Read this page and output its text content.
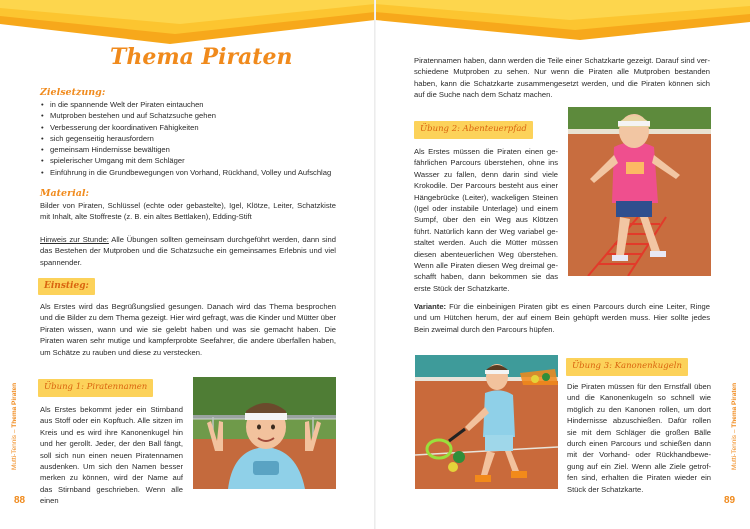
Thema Piraten
Zielsetzung:
• in die spannende Welt der Piraten eintauchen
• Mutproben bestehen und auf Schatzsuche gehen
• Verbesserung der koordinativen Fähigkeiten
• sich gegenseitig herausfordern
• gemeinsam Hindernisse bewältigen
• spielerischer Umgang mit dem Schläger
• Einführung in die Grundbewegungen von Vorhand, Rückhand, Volley und Aufschlag
Material:

Bilder von Piraten, Schlüssel (echte oder gebastelte), Igel, Klötze, Leiter, Schatzkiste mit Inhalt, alte Stoffreste (z. B. ein altes Bettlaken), Edding-Stift

Hinweis zur Stunde: Alle Übungen sollten gemeinsam durchgeführt werden, dann sind das Bestehen der Mutproben und die Schatzsuche ein gemeinsames Erlebnis und viel spannender.

Einstieg:

Als Erstes wird das Begrüßungslied gesungen. Danach wird das Thema besprochen und die Bilder zu dem Thema gezeigt. Hier wird gefragt, was die Kinder und Mütter über Piraten wissen, wann und wie sie gelebt haben und was sie gemacht haben. Die Piraten waren sehr mutige und kampferprobte Seefahrer, die andere überfallen haben, um Schätze zu rauben und diese zu verstecken.

Übung 1: Piratennamen

Als Erstes bekommt jeder ein Stirnband aus Stoff oder ein Kopftuch. Alle sitzen im Kreis und es wird ihre Kanonenkugel hin und her gerollt. Jeder, der den Ball fängt, soll sich nun einen neuen Piratennamen ausdenken. Um sich den Namen besser merken zu können, wird der Name auf das Stirnband geschrieben. Wenn alle einen

Mutti-Tennis – Thema Piraten
88

Piratennamen haben, dann werden die Teile einer Schatzkarte gezeigt. Darauf sind ver-schiedene Mutproben zu sehen. Nur wenn die Piraten alle Mutproben bestanden haben, kann die Schatzkarte zusammengesetzt werden, und die Piraten können sich auf die Suche nach dem Schatz machen.

Übung 2: Abenteuerpfad

Als Erstes müssen die Piraten einen ge-fährlichen Parcours überstehen, ohne ins Wasser zu fallen, denn darin sind viele Krokodile. Der Parcours besteht aus einer Hängebrücke (Leiter), wackeligen Steinen (Igel oder instabile Unterlage) und einem Sumpf, über den ein Weg aus Klötzen führt. Natürlich kann der Weg variabel ge-staltet werden. Auch die Mütter müssen diesen abenteuerlichen Weg überstehen. Wenn alle Piraten diesen Weg dreimal ge-schafft haben, dann bekommen sie das erste Stück der Schatzkarte.

Variante: Für die einbeinigen Piraten gibt es einen Parcours durch eine Leiter, Ringe und um Hütchen herum, der auf einem Bein gehüpft werden muss. Hier sollte jedes Bein zweimal durch den Parcours hüpfen.

Übung 3: Kanonenkugeln

Die Piraten müssen für den Ernstfall üben und die Kanonenkugeln so schnell wie möglich zu den Kanonen rollen, um dort Hindernisse abzuschießen. Dafür rollen sie mit dem Schläger die großen Bälle durch einen Parcours und schießen dann mit der Vorhand- oder Rückhandbewe-gung auf ein Ziel. Wenn alle Ziele getrof-fen sind, erhalten die Piraten wieder ein Stück der Schatzkarte.

Mutti-Tennis – Thema Piraten
89
